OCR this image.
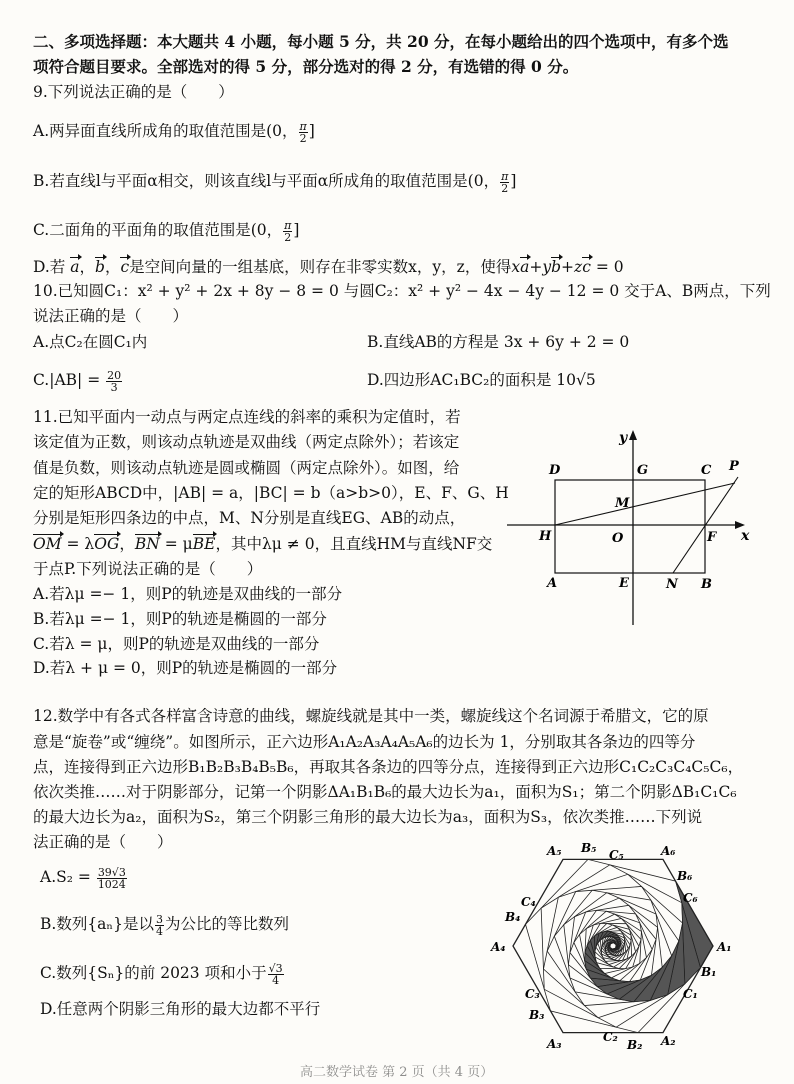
二、多项选择题：本大题共 4 小题，每小题 5 分，共 20 分，在每小题给出的四个选项中，有多个选
项符合题目要求。全部选对的得 5 分，部分选对的得 2 分，有选错的得 0 分。
9.下列说法正确的是（　　）
A.两异面直线所成角的取值范围是(0， $\frac{\pi}{2}$ ]
B.若直线l与平面α相交，则该直线l与平面α所成角的取值范围是(0， $\frac{\pi}{2}$ ]
C.二面角的平面角的取值范围是(0， $\frac{\pi}{2}$ ]
D.若 a，b，c是空间向量的一组基底，则存在非零实数x，y，z，使得xa+yb+zc = 0
10.已知圆C₁：x² + y² + 2x + 8y − 8 = 0 与圆C₂：x² + y² − 4x − 4y − 12 = 0 交于A、B两点，下列
说法正确的是（　　）
A.点C₂在圆C₁内	B.直线AB的方程是 3x + 6y + 2 = 0
$C.|AB| = \frac{20}{3}$	D.四边形AC₁BC₂的面积是 10√5
11.已知平面内一动点与两定点连线的斜率的乘积为定值时，若
该定值为正数，则该动点轨迹是双曲线（两定点除外）；若该定
值是负数，则该动点轨迹是圆或椭圆（两定点除外）。如图，给
定的矩形ABCD中，|AB| = a，|BC| = b（a>b>0），E、F、G、H
分别是矩形四条边的中点，M、N分别是直线EG、AB的动点，
OM = λOG，BN = μBE，其中λμ ≠ 0，且直线HM与直线NF交
于点P.下列说法正确的是（　　）
A.若λμ =− 1，则P的轨迹是双曲线的一部分
B.若λμ =− 1，则P的轨迹是椭圆的一部分
C.若λ = μ，则P的轨迹是双曲线的一部分
D.若λ + μ = 0，则P的轨迹是椭圆的一部分
y
x
D	G	C P
M
H	O	F
A	E	N B
12.数学中有各式各样富含诗意的曲线，螺旋线就是其中一类，螺旋线这个名词源于希腊文，它的原
意是“旋卷”或“缠绕”。如图所示，正六边形A₁A₂A₃A₄A₅A₆的边长为 1，分别取其各条边的四等分
点，连接得到正六边形B₁B₂B₃B₄B₅B₆，再取其各条边的四等分点，连接得到正六边形C₁C₂C₃C₄C₅C₆，
依次类推……对于阴影部分，记第一个阴影ΔA₁B₁B₆的最大边长为a₁，面积为S₁；第二个阴影ΔB₁C₁C₆
的最大边长为a₂，面积为S₂，第三个阴影三角形的最大边长为a₃，面积为S₃，依次类推……下列说
法正确的是（　　）
$A.S_2 = \frac{39√3}{1024}$
B.数列{aₙ}是以 $\frac{3}{4}$ 为公比的等比数列
C.数列{Sₙ}的前 2023 项和小于 $\frac{√3}{4}$
D.任意两个阴影三角形的最大边都不平行
A₁
B₁
C₁
A₂
B₂
C₂
A₃
B₃
C₃
A₄
B₄
C₄
A₅ B₅ C₅	A₆
B₆
C₆
高二数学试卷 第 2 页（共 4 页）
